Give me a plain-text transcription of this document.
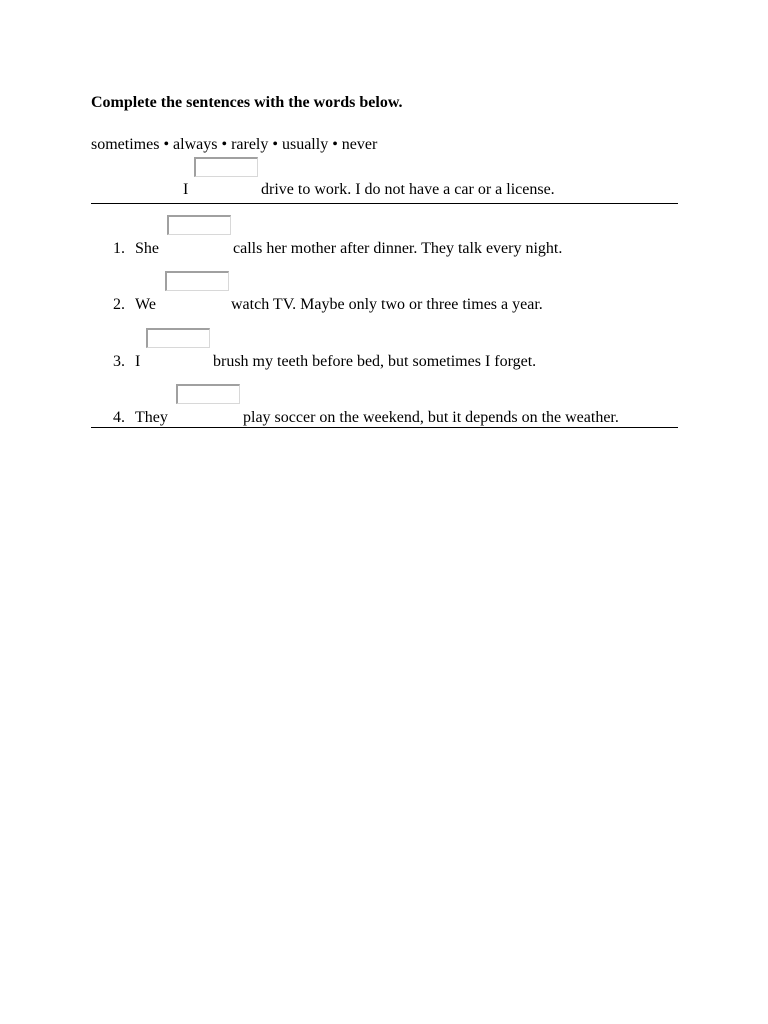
Complete the sentences with the words below.
sometimes • always • rarely • usually • never
I	drive to work. I do not have a car or a license.
1. She	calls her mother after dinner. They talk every night.
2. We	watch TV. Maybe only two or three times a year.
3. I	brush my teeth before bed, but sometimes I forget.
4. They	play soccer on the weekend, but it depends on the weather.
